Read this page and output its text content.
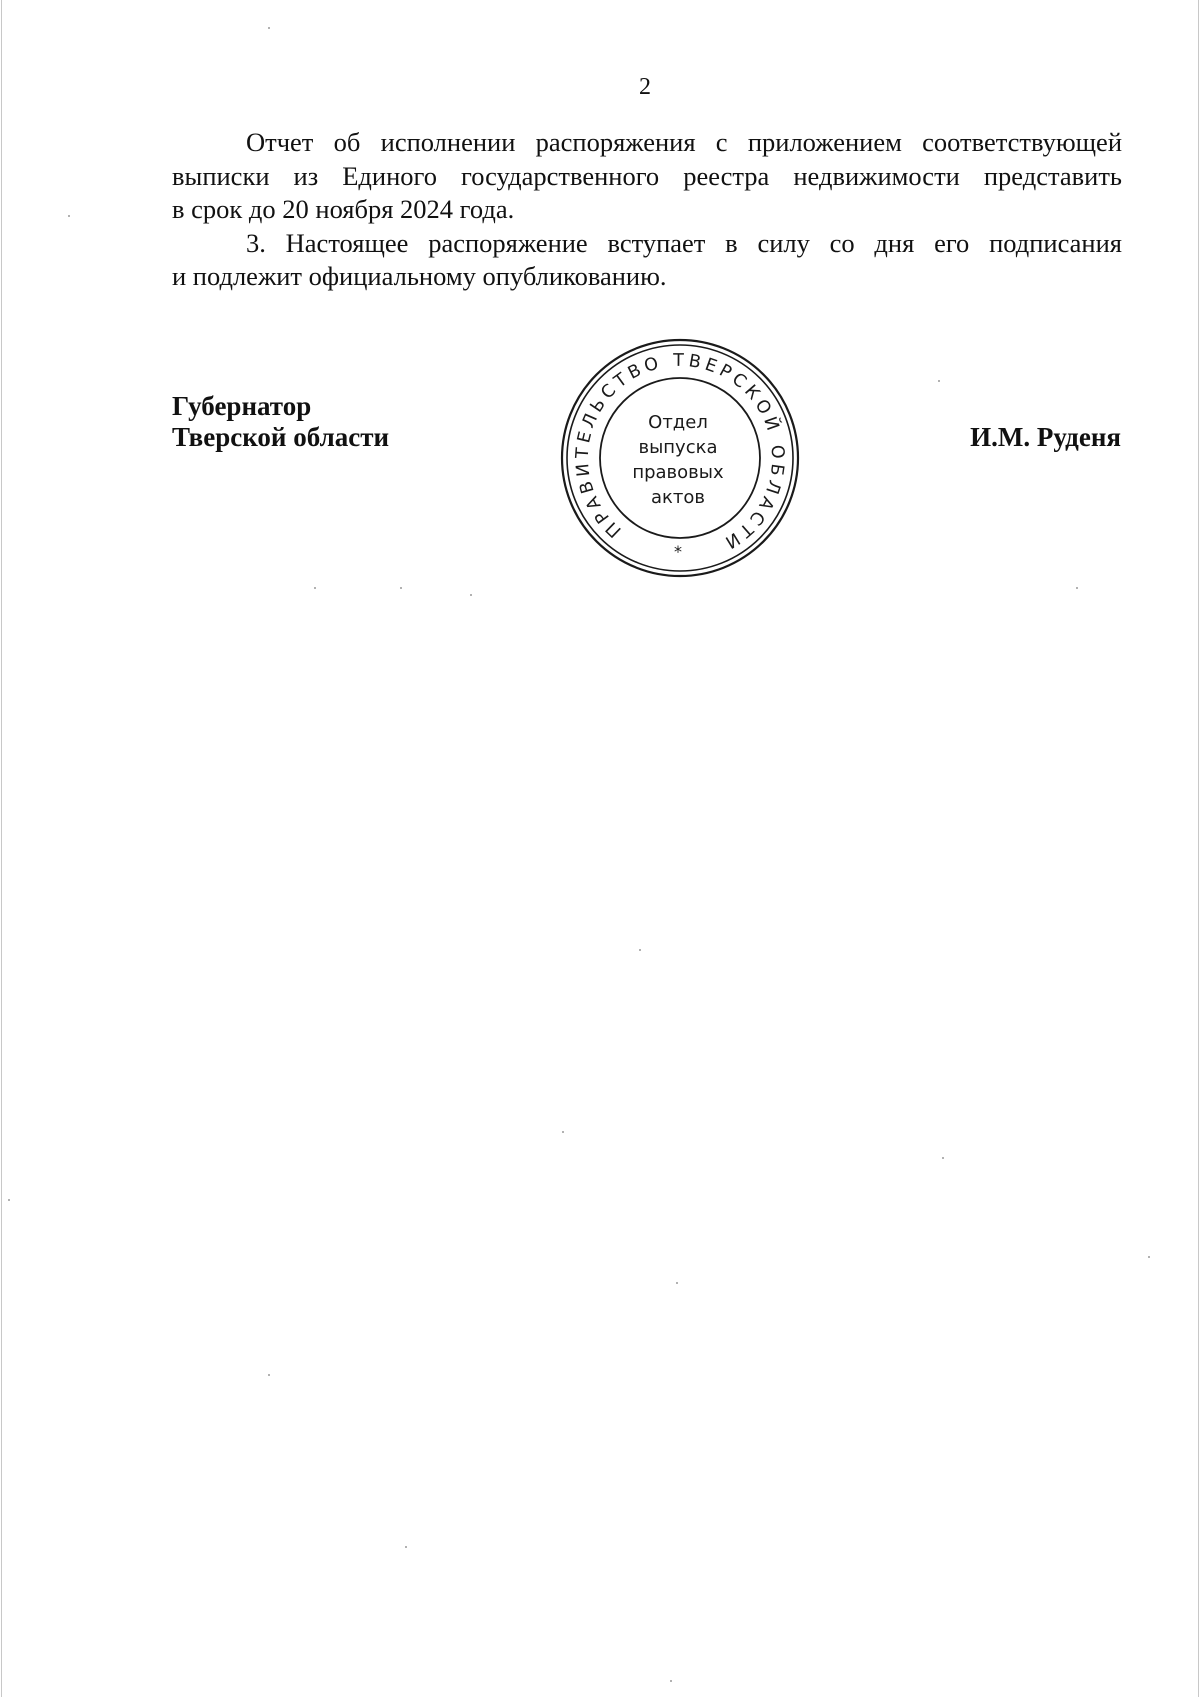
2

Отчет об исполнении распоряжения с приложением соответствующей
выписки из Единого государственного реестра недвижимости представить
в срок до 20 ноября 2024 года.

3. Настоящее распоряжение вступает в силу со дня его подписания
и подлежит официальному опубликованию.

Губернатор
Тверской области
ПРАВИТЕЛЬСТВО ТВЕРСКОЙ ОБЛАСТИ
Отдел
выпуска
правовых
актов
*
И.М. Руденя
